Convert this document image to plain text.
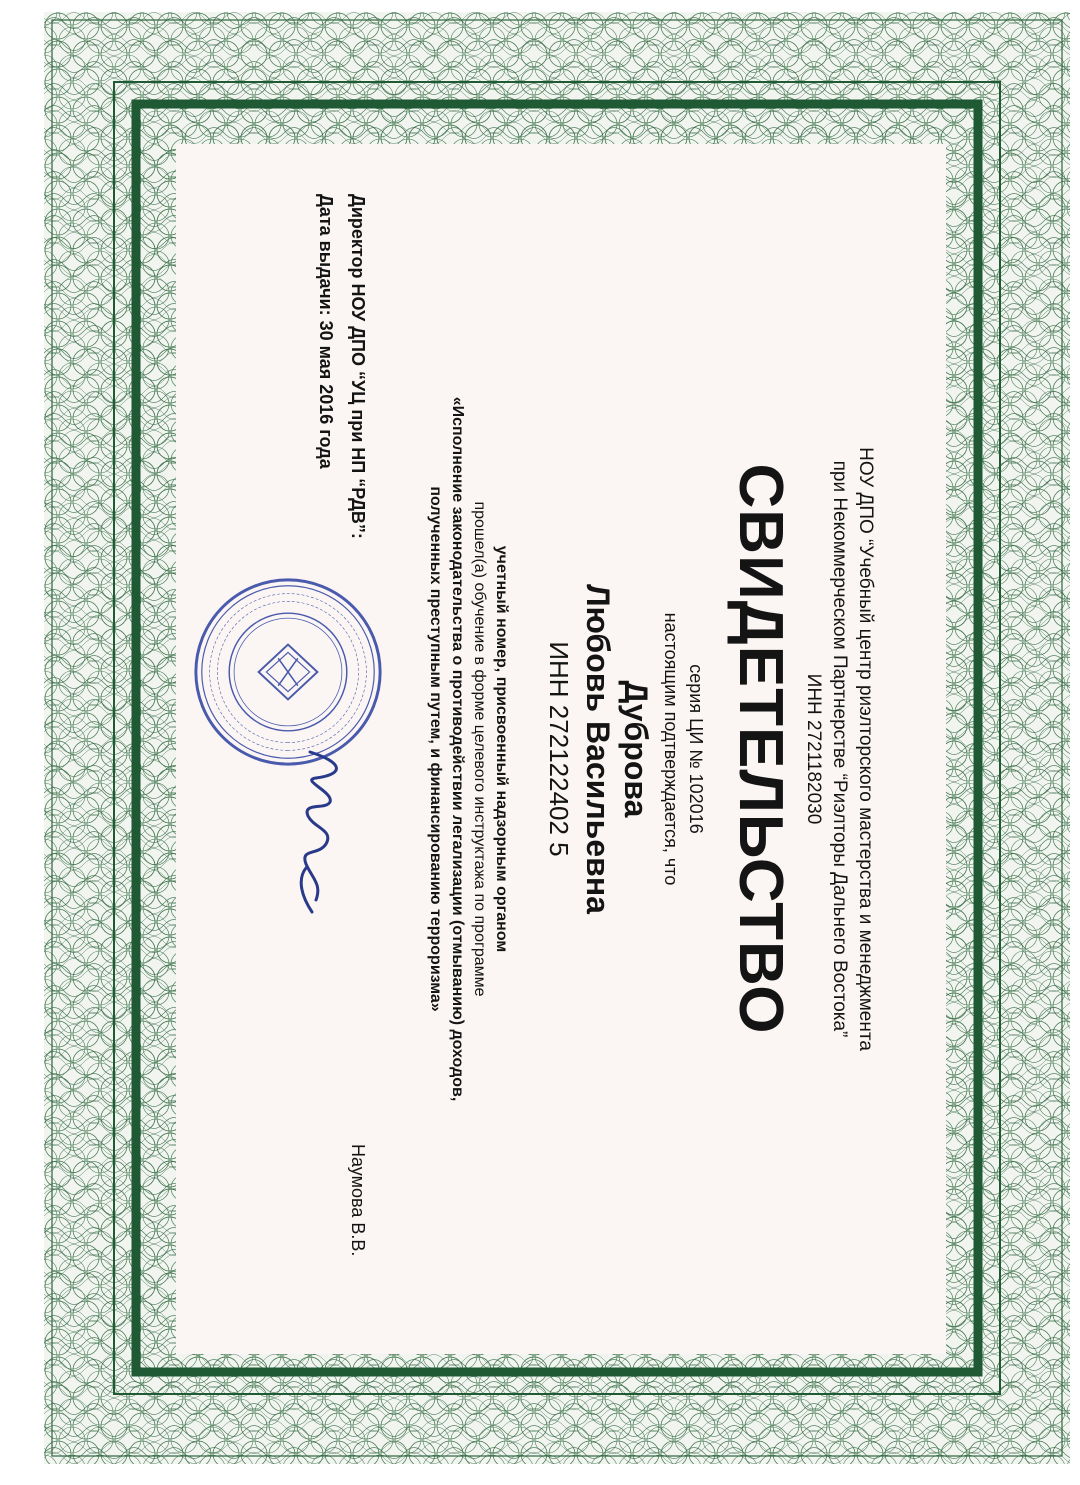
НОУ ДПО “Учебный центр риэлторского мастерства и менеджмента

при Некоммерческом Партнерстве “Риэлторы Дальнего Востока”

ИНН 2721182030

СВИДЕТЕЛЬСТВО

серия ЦИ № 102016

настоящим подтверждается, что

Дуброва

Любовь Васильевна

ИНН 272122402 5

учетный номер, присвоенный надзорным органом

прошел(а) обучение в форме целевого инструктажа по программе

«Исполнение законодательства о противодействии легализации (отмыванию) доходов,

полученных преступным путем, и финансированию терроризма»

Директор НОУ ДПО “УЦ при НП “РДВ”:

Дата выдачи: 30 мая 2016 года

Наумова В.В.
